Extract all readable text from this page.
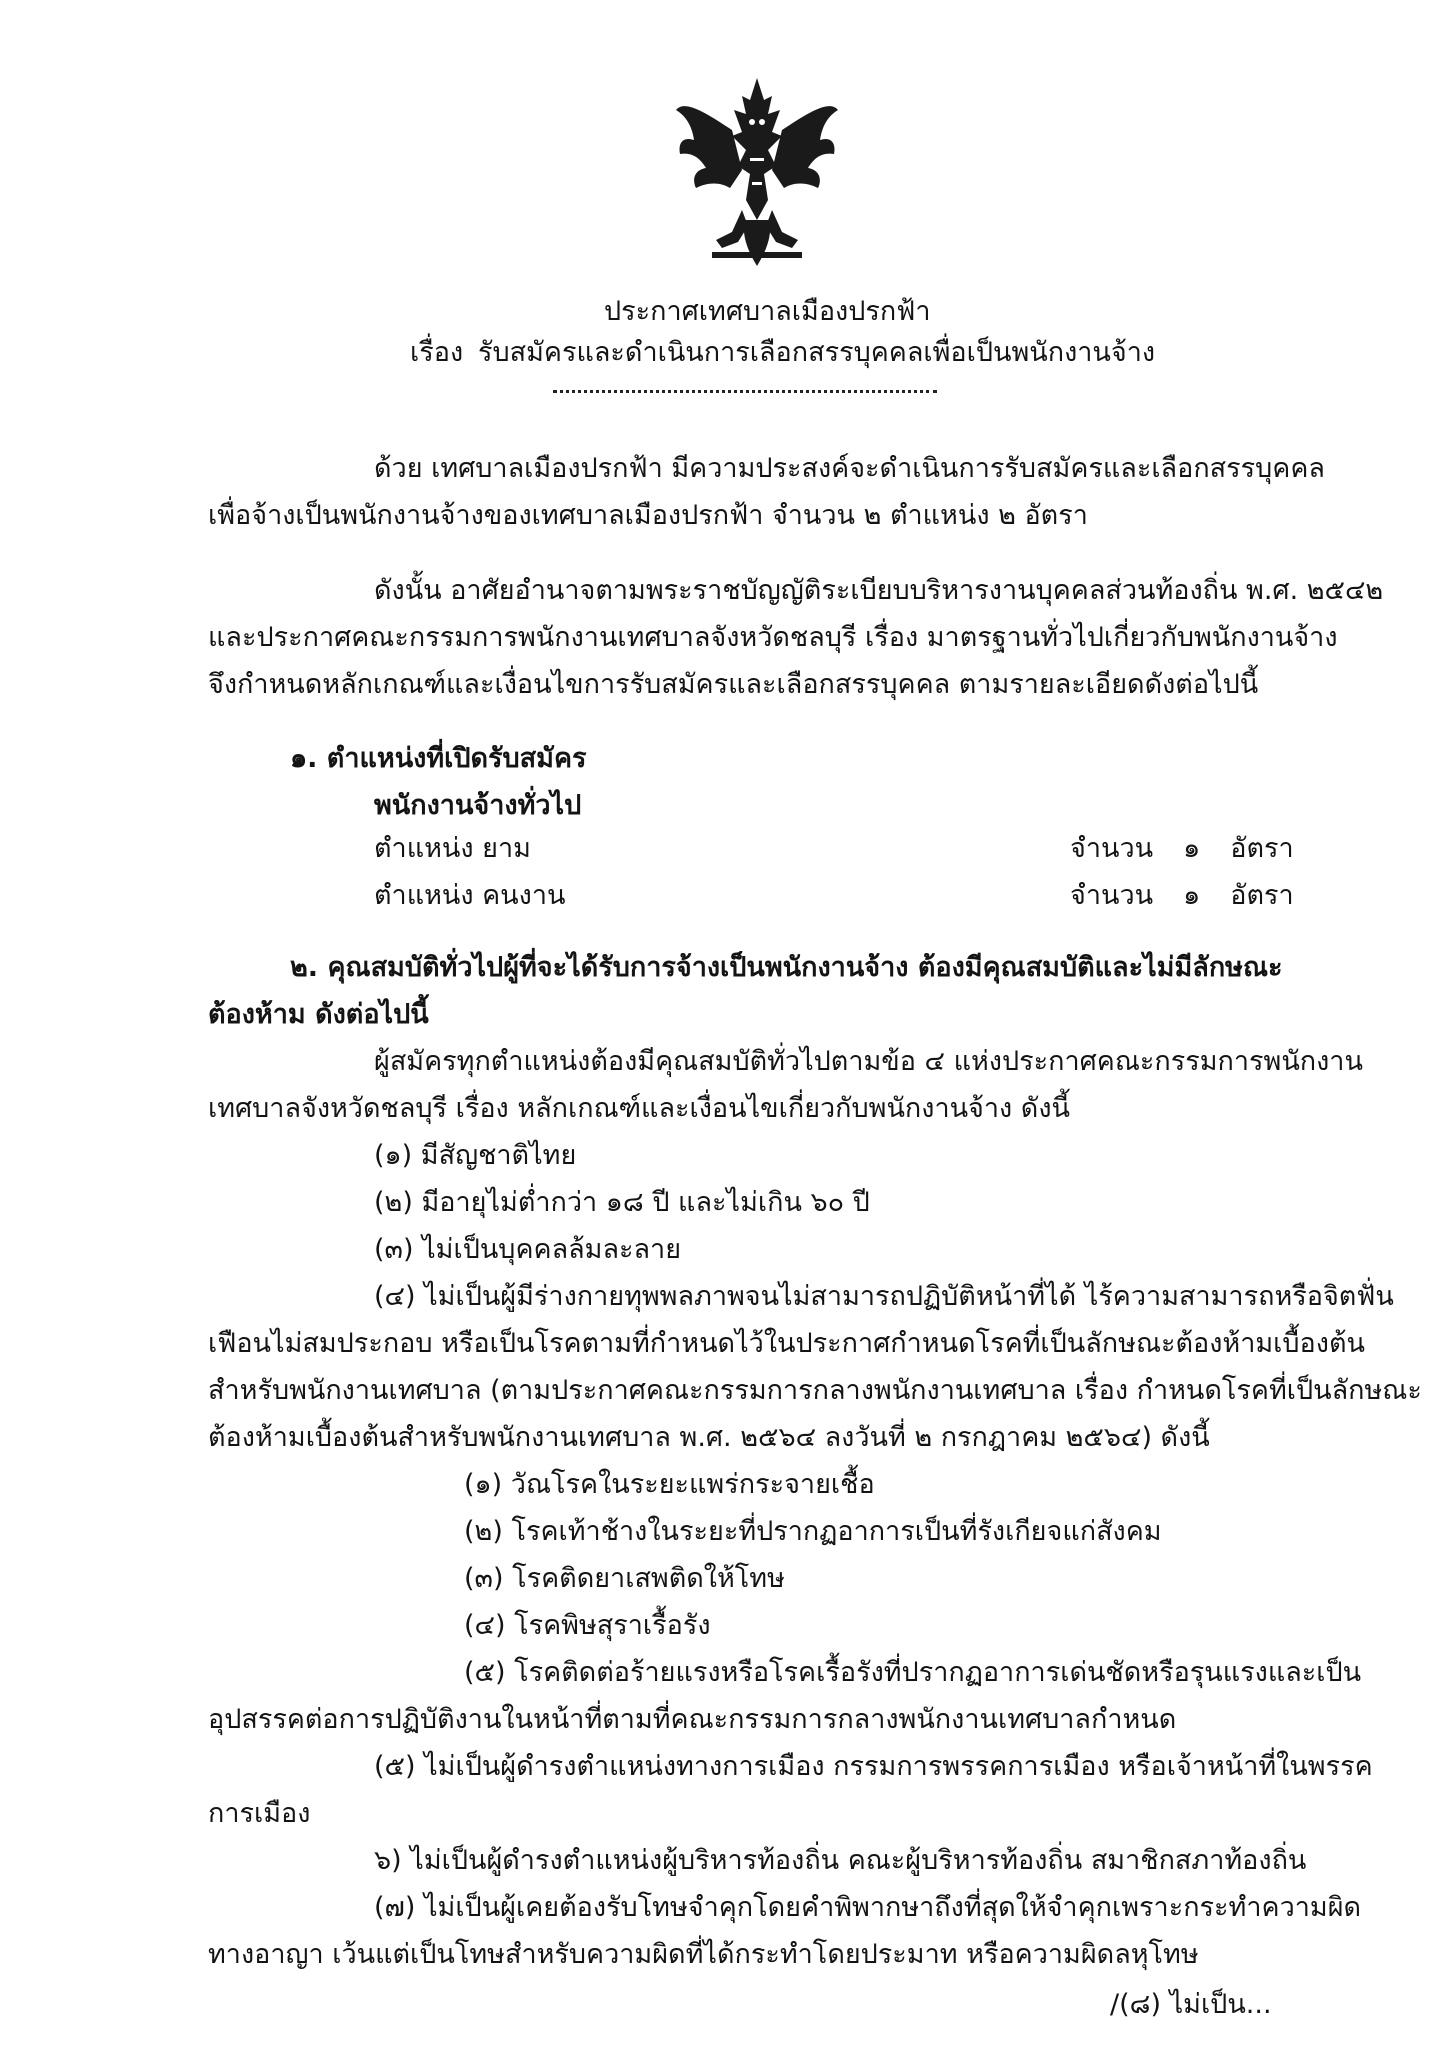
ประกาศเทศบาลเมืองปรกฟ้า
เรื่อง รับสมัครและดำเนินการเลือกสรรบุคคลเพื่อเป็นพนักงานจ้าง
ด้วย เทศบาลเมืองปรกฟ้า มีความประสงค์จะดำเนินการรับสมัครและเลือกสรรบุคคล
เพื่อจ้างเป็นพนักงานจ้างของเทศบาลเมืองปรกฟ้า จำนวน ๒ ตำแหน่ง ๒ อัตรา
ดังนั้น อาศัยอำนาจตามพระราชบัญญัติระเบียบบริหารงานบุคคลส่วนท้องถิ่น พ.ศ. ๒๕๔๒
และประกาศคณะกรรมการพนักงานเทศบาลจังหวัดชลบุรี เรื่อง มาตรฐานทั่วไปเกี่ยวกับพนักงานจ้าง
จึงกำหนดหลักเกณฑ์และเงื่อนไขการรับสมัครและเลือกสรรบุคคล ตามรายละเอียดดังต่อไปนี้
๑. ตำแหน่งที่เปิดรับสมัคร
พนักงานจ้างทั่วไป
ตำแหน่ง ยาม	จำนวน ๑ อัตรา
ตำแหน่ง คนงาน	จำนวน ๑ อัตรา
๒. คุณสมบัติทั่วไปผู้ที่จะได้รับการจ้างเป็นพนักงานจ้าง ต้องมีคุณสมบัติและไม่มีลักษณะ
ต้องห้าม ดังต่อไปนี้
ผู้สมัครทุกตำแหน่งต้องมีคุณสมบัติทั่วไปตามข้อ ๔ แห่งประกาศคณะกรรมการพนักงาน
เทศบาลจังหวัดชลบุรี เรื่อง หลักเกณฑ์และเงื่อนไขเกี่ยวกับพนักงานจ้าง ดังนี้
(๑) มีสัญชาติไทย
(๒) มีอายุไม่ต่ำกว่า ๑๘ ปี และไม่เกิน ๖๐ ปี
(๓) ไม่เป็นบุคคลล้มละลาย
(๔) ไม่เป็นผู้มีร่างกายทุพพลภาพจนไม่สามารถปฏิบัติหน้าที่ได้ ไร้ความสามารถหรือจิตฟั่น
เฟือนไม่สมประกอบ หรือเป็นโรคตามที่กำหนดไว้ในประกาศกำหนดโรคที่เป็นลักษณะต้องห้ามเบื้องต้น
สำหรับพนักงานเทศบาล (ตามประกาศคณะกรรมการกลางพนักงานเทศบาล เรื่อง กำหนดโรคที่เป็นลักษณะ
ต้องห้ามเบื้องต้นสำหรับพนักงานเทศบาล พ.ศ. ๒๕๖๔ ลงวันที่ ๒ กรกฎาคม ๒๕๖๔) ดังนี้
(๑) วัณโรคในระยะแพร่กระจายเชื้อ
(๒) โรคเท้าช้างในระยะที่ปรากฏอาการเป็นที่รังเกียจแก่สังคม
(๓) โรคติดยาเสพติดให้โทษ
(๔) โรคพิษสุราเรื้อรัง
(๕) โรคติดต่อร้ายแรงหรือโรคเรื้อรังที่ปรากฏอาการเด่นชัดหรือรุนแรงและเป็น
อุปสรรคต่อการปฏิบัติงานในหน้าที่ตามที่คณะกรรมการกลางพนักงานเทศบาลกำหนด
(๕) ไม่เป็นผู้ดำรงตำแหน่งทางการเมือง กรรมการพรรคการเมือง หรือเจ้าหน้าที่ในพรรค
การเมือง
๖) ไม่เป็นผู้ดำรงตำแหน่งผู้บริหารท้องถิ่น คณะผู้บริหารท้องถิ่น สมาชิกสภาท้องถิ่น
(๗) ไม่เป็นผู้เคยต้องรับโทษจำคุกโดยคำพิพากษาถึงที่สุดให้จำคุกเพราะกระทำความผิด
ทางอาญา เว้นแต่เป็นโทษสำหรับความผิดที่ได้กระทำโดยประมาท หรือความผิดลหุโทษ
/(๘) ไม่เป็น...
